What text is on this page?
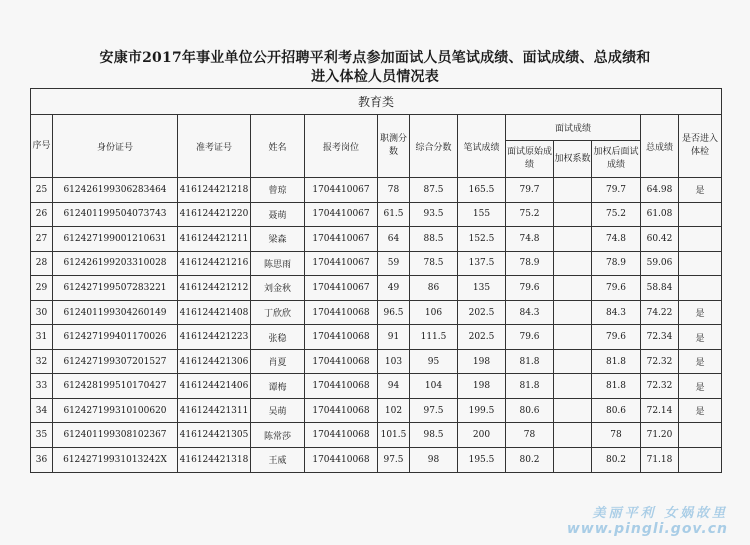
安康市2017年事业单位公开招聘平利考点参加面试人员笔试成绩、面试成绩、总成绩和
进入体检人员情况表
教育类												
序号	身份证号	准考证号	姓名	报考岗位	职测分数	综合分数	笔试成绩	面试成绩			总成绩	是否进入体检
								面试原始成绩	加权系数	加权后面试成绩		
25	612426199306283464	416124421218	曾琼	1704410067	78	87.5	165.5	79.7		79.7	64.98	是
26	612401199504073743	416124421220	聂萌	1704410067	61.5	93.5	155	75.2		75.2	61.08	
27	612427199001210631	416124421211	梁森	1704410067	64	88.5	152.5	74.8		74.8	60.42	
28	612426199203310028	416124421216	陈思雨	1704410067	59	78.5	137.5	78.9		78.9	59.06	
29	612427199507283221	416124421212	刘金秋	1704410067	49	86	135	79.6		79.6	58.84	
30	612401199304260149	416124421408	丁欣欣	1704410068	96.5	106	202.5	84.3		84.3	74.22	是
31	612427199401170026	416124421223	张稳	1704410068	91	111.5	202.5	79.6		79.6	72.34	是
32	612427199307201527	416124421306	肖夏	1704410068	103	95	198	81.8		81.8	72.32	是
33	612428199510170427	416124421406	谭梅	1704410068	94	104	198	81.8		81.8	72.32	是
34	612427199310100620	416124421311	吴萌	1704410068	102	97.5	199.5	80.6		80.6	72.14	是
35	612401199308102367	416124421305	陈常莎	1704410068	101.5	98.5	200	78		78	71.20	
36	61242719931013242X	416124421318	王威	1704410068	97.5	98	195.5	80.2		80.2	71.18	
美丽平利 女娲故里
www.pingli.gov.cn
